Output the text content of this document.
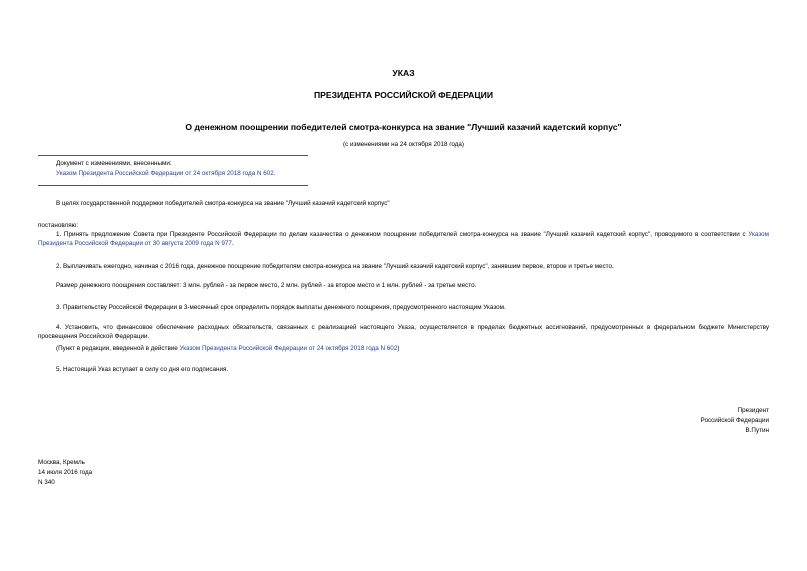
УКАЗ
ПРЕЗИДЕНТА РОССИЙСКОЙ ФЕДЕРАЦИИ
О денежном поощрении победителей смотра-конкурса на звание "Лучший казачий кадетский корпус"
(с изменениями на 24 октября 2018 года)
Документ с изменениями, внесенными:
Указом Президента Российской Федерации от 24 октября 2018 года N 602.
В целях государственной поддержки победителей смотра-конкурса на звание "Лучший казачий кадетский корпус"
постановляю:
1. Принять предложение Совета при Президенте Российской Федерации по делам казачества о денежном поощрении победителей смотра-конкурса на звание "Лучший казачий кадетский корпус", проводимого в соответствии с Указом Президента Российской Федерации от 30 августа 2009 года N 977.
2. Выплачивать ежегодно, начиная с 2016 года, денежное поощрение победителям смотра-конкурса на звание "Лучший казачий кадетский корпус", занявшим первое, второе и третье место.
Размер денежного поощрения составляет: 3 млн. рублей - за первое место, 2 млн. рублей - за второе место и 1 млн. рублей - за третье место.
3. Правительству Российской Федерации в 3-месячный срок определить порядок выплаты денежного поощрения, предусмотренного настоящим Указом.
4. Установить, что финансовое обеспечение расходных обязательств, связанных с реализацией настоящего Указа, осуществляется в пределах бюджетных ассигнований, предусмотренных в федеральном бюджете Министерству просвещения Российской Федерации.
(Пункт в редакции, введенной в действие Указом Президента Российской Федерации от 24 октября 2018 года N 602)
5. Настоящий Указ вступает в силу со дня его подписания.
Президент
Российской Федерации
В.Путин
Москва, Кремль
14 июля 2016 года
N 340
